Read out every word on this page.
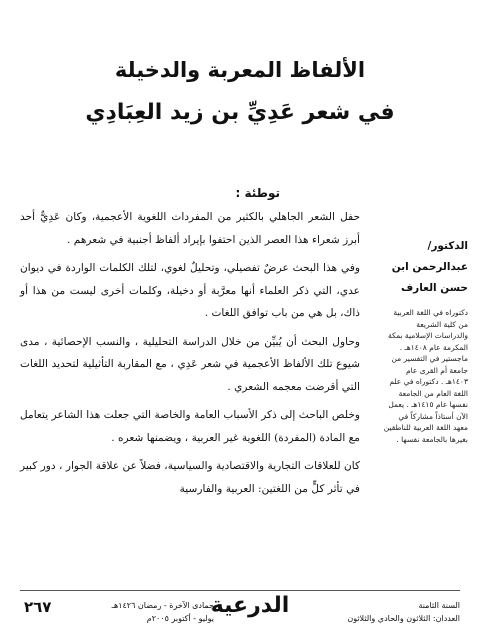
الألفاظ المعربة والدخيلة
في شعر عَدِيِّ بن زيد العِبَادِي
توطئة :

حفل الشعر الجاهلي بالكثير من المفردات اللغوية الأعجمية، وكان عَدِيٌّ أحد أبرز شعراء هذا العصر الذين احتفوا بإيراد ألفاظ أجنبية في شعرهم .

وفي هذا البحث عرضٌ تفصيلي، وتحليلٌ لغوي، لتلك الكلمات الواردة في ديوان عدي، التي ذكر العلماء أنها معرَّبة أو دخيلة، وكلمات أخرى ليست من هذا أو ذاك، بل هي من باب توافق اللغات .

وحاول البحث أن يُبيِّن من خلال الدراسة التحليلية ، والنسب الإحصائية ، مدى شيوع تلك الألفاظ الأعجمية في شعر عَدِي ، مع المقاربة التأثيلية لتحديد اللغات التي أقرضت معجمه الشعري .

وخلص الباحث إلى ذكر الأسباب العامة والخاصة التي جعلت هذا الشاعر يتعامل مع المادة (المفردة) اللغوية غير العربية ، ويضمنها شعره .

كان للعلاقات التجارية والاقتصادية والسياسية، فضلاً عن علاقة الجوار ، دور كبير في تأثر كلٍّ من اللغتين: العربية والفارسية

الدكتور/
عبدالرحمن ابن حسن العارف
دكتوراه في اللغة العربية من كلية الشريعة والدراسات الإسلامية بمكة المكرمة عام ١٤٠٨هـ . ماجستير في التفسير من جامعة أم القرى عام ١٤٠٣هـ . دكتوراه في علم اللغة العام من الجامعة نفسها عام ١٤١٥هـ . يعمل الآن أستاذاً مشاركاً في معهد اللغة العربية للناطقين بغيرها بالجامعة نفسها .
٢٦٧	جمادى الآخرة - رمضان ١٤٢٦هـ
يوليو - أكتوبر ٢٠٠٥م
الدرعية	السنة الثامنة
العددان: الثلاثون والحادي والثلاثون
